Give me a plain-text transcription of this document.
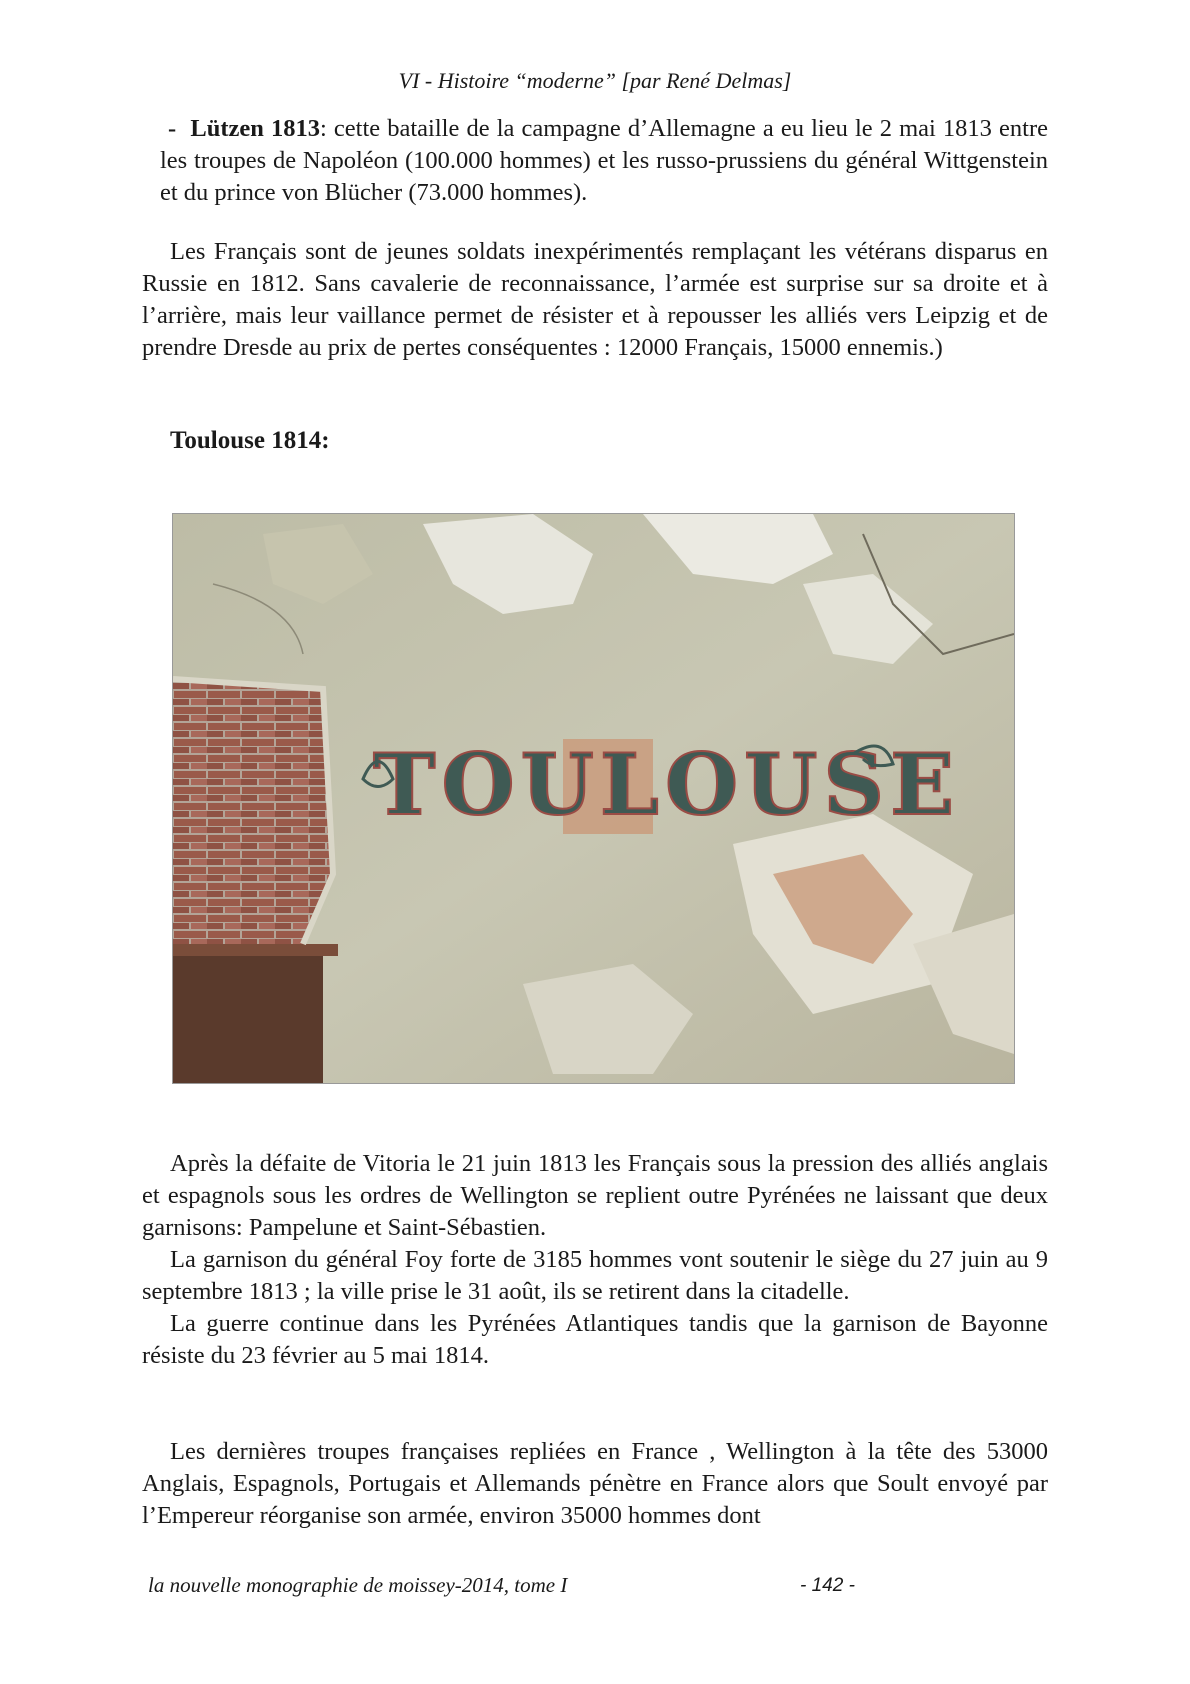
VI - Histoire “moderne” [par René Delmas]
- Lützen 1813: cette bataille de la campagne d’Allemagne a eu lieu le 2 mai 1813 entre les troupes de Napoléon (100.000 hommes) et les russo-prussiens du général Wittgenstein et du prince von Blücher (73.000 hommes).

Les Français sont de jeunes soldats inexpérimentés remplaçant les vétérans disparus en Russie en 1812. Sans cavalerie de reconnaissance, l’armée est surprise sur sa droite et à l’arrière, mais leur vaillance permet de résister et à repousser les alliés vers Leipzig et de prendre Dresde au prix de pertes conséquentes : 12000 Français, 15000 ennemis.)

Toulouse 1814:
TOULOUSE

Après la défaite de Vitoria le 21 juin 1813 les Français sous la pression des alliés anglais et espagnols sous les ordres de Wellington se replient outre Pyrénées ne laissant que deux garnisons: Pampelune et Saint-Sébastien.

La garnison du général Foy forte de 3185 hommes vont soutenir le siège du 27 juin au 9 septembre 1813 ; la ville prise le 31 août, ils se retirent dans la citadelle.

La guerre continue dans les Pyrénées Atlantiques tandis que la garnison de Bayonne résiste du 23 février au 5 mai 1814.

Les dernières troupes françaises repliées en France , Wellington à la tête des 53000 Anglais, Espagnols, Portugais et Allemands pénètre en France alors que Soult envoyé par l’Empereur réorganise son armée, environ 35000 hommes dont

la nouvelle monographie de moissey-2014, tome I	- 142 -
